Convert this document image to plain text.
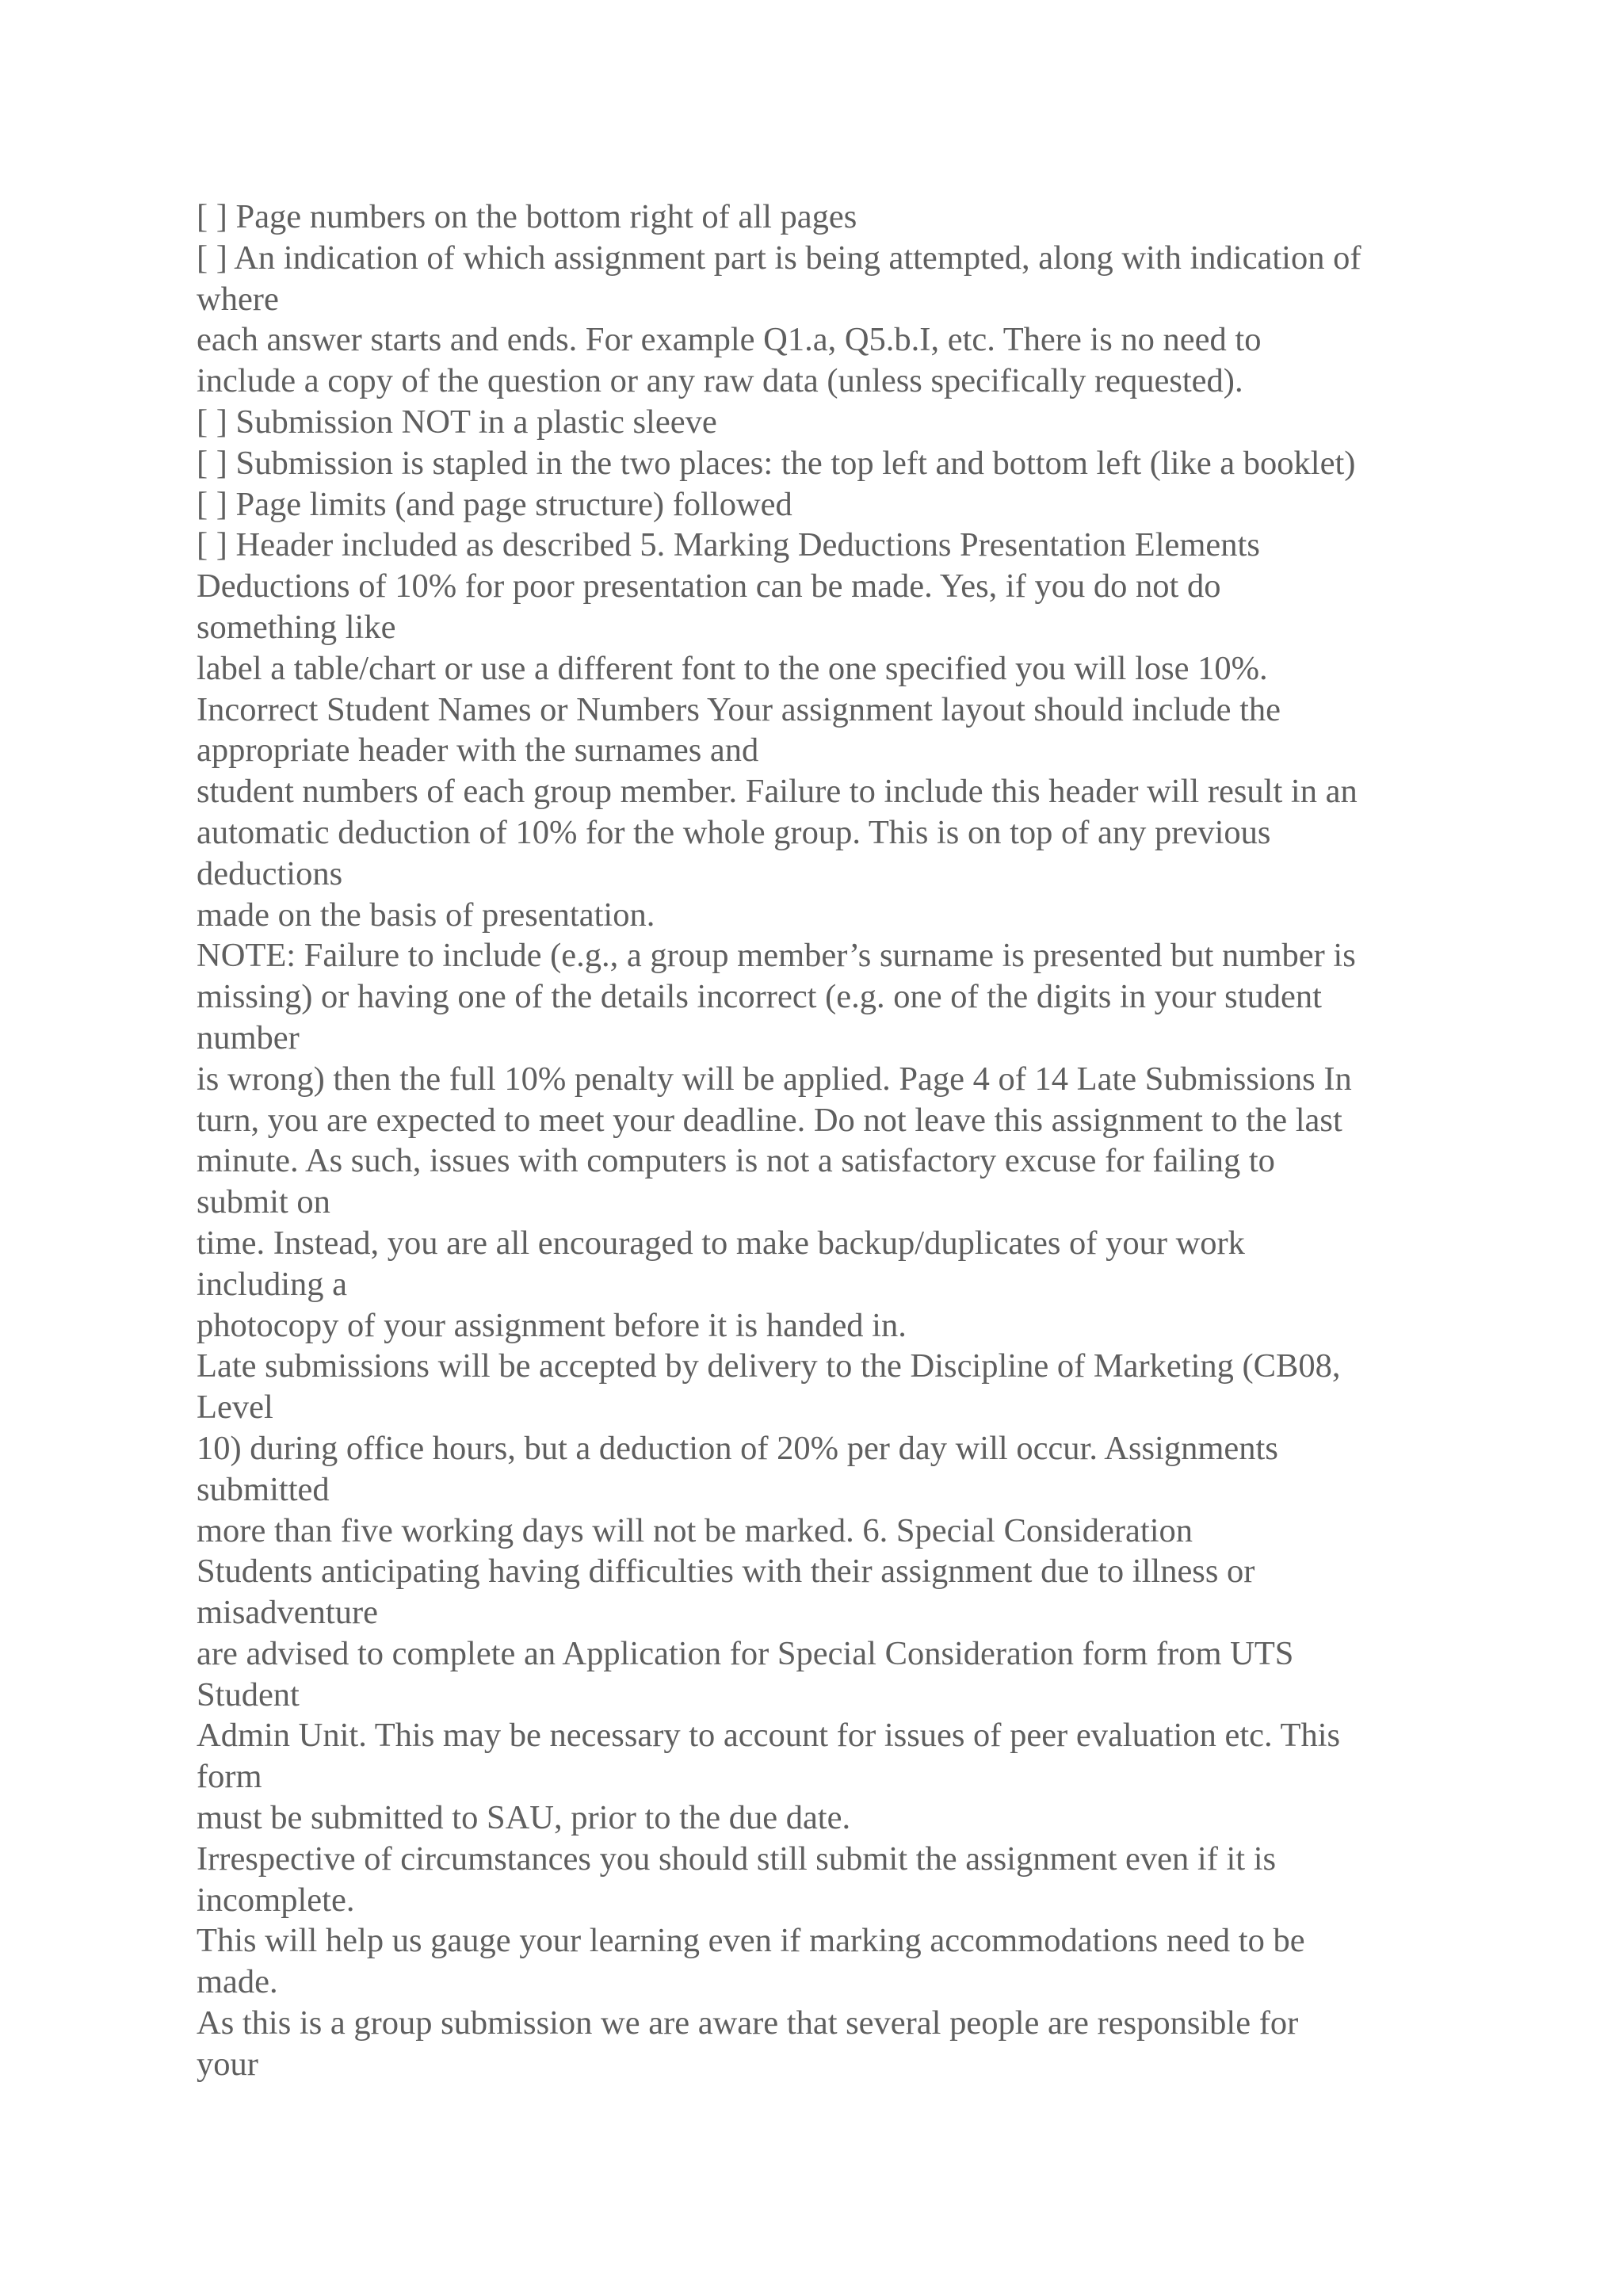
[ ] Page numbers on the bottom right of all pages
[ ] An indication of which assignment part is being attempted, along with indication of
where
each answer starts and ends. For example Q1.a, Q5.b.I, etc. There is no need to
include a copy of the question or any raw data (unless specifically requested).
[ ] Submission NOT in a plastic sleeve
[ ] Submission is stapled in the two places: the top left and bottom left (like a booklet)
[ ] Page limits (and page structure) followed
[ ] Header included as described 5. Marking Deductions Presentation Elements
Deductions of 10% for poor presentation can be made. Yes, if you do not do
something like
label a table/chart or use a different font to the one specified you will lose 10%.
Incorrect Student Names or Numbers Your assignment layout should include the
appropriate header with the surnames and
student numbers of each group member. Failure to include this header will result in an
automatic deduction of 10% for the whole group. This is on top of any previous
deductions
made on the basis of presentation.
NOTE: Failure to include (e.g., a group member’s surname is presented but number is
missing) or having one of the details incorrect (e.g. one of the digits in your student
number
is wrong) then the full 10% penalty will be applied. Page 4 of 14 Late Submissions In
turn, you are expected to meet your deadline. Do not leave this assignment to the last
minute. As such, issues with computers is not a satisfactory excuse for failing to
submit on
time. Instead, you are all encouraged to make backup/duplicates of your work
including a
photocopy of your assignment before it is handed in.
Late submissions will be accepted by delivery to the Discipline of Marketing (CB08,
Level
10) during office hours, but a deduction of 20% per day will occur. Assignments
submitted
more than five working days will not be marked. 6. Special Consideration
Students anticipating having difficulties with their assignment due to illness or
misadventure
are advised to complete an Application for Special Consideration form from UTS
Student
Admin Unit. This may be necessary to account for issues of peer evaluation etc. This
form
must be submitted to SAU, prior to the due date.
Irrespective of circumstances you should still submit the assignment even if it is
incomplete.
This will help us gauge your learning even if marking accommodations need to be
made.
As this is a group submission we are aware that several people are responsible for
your
